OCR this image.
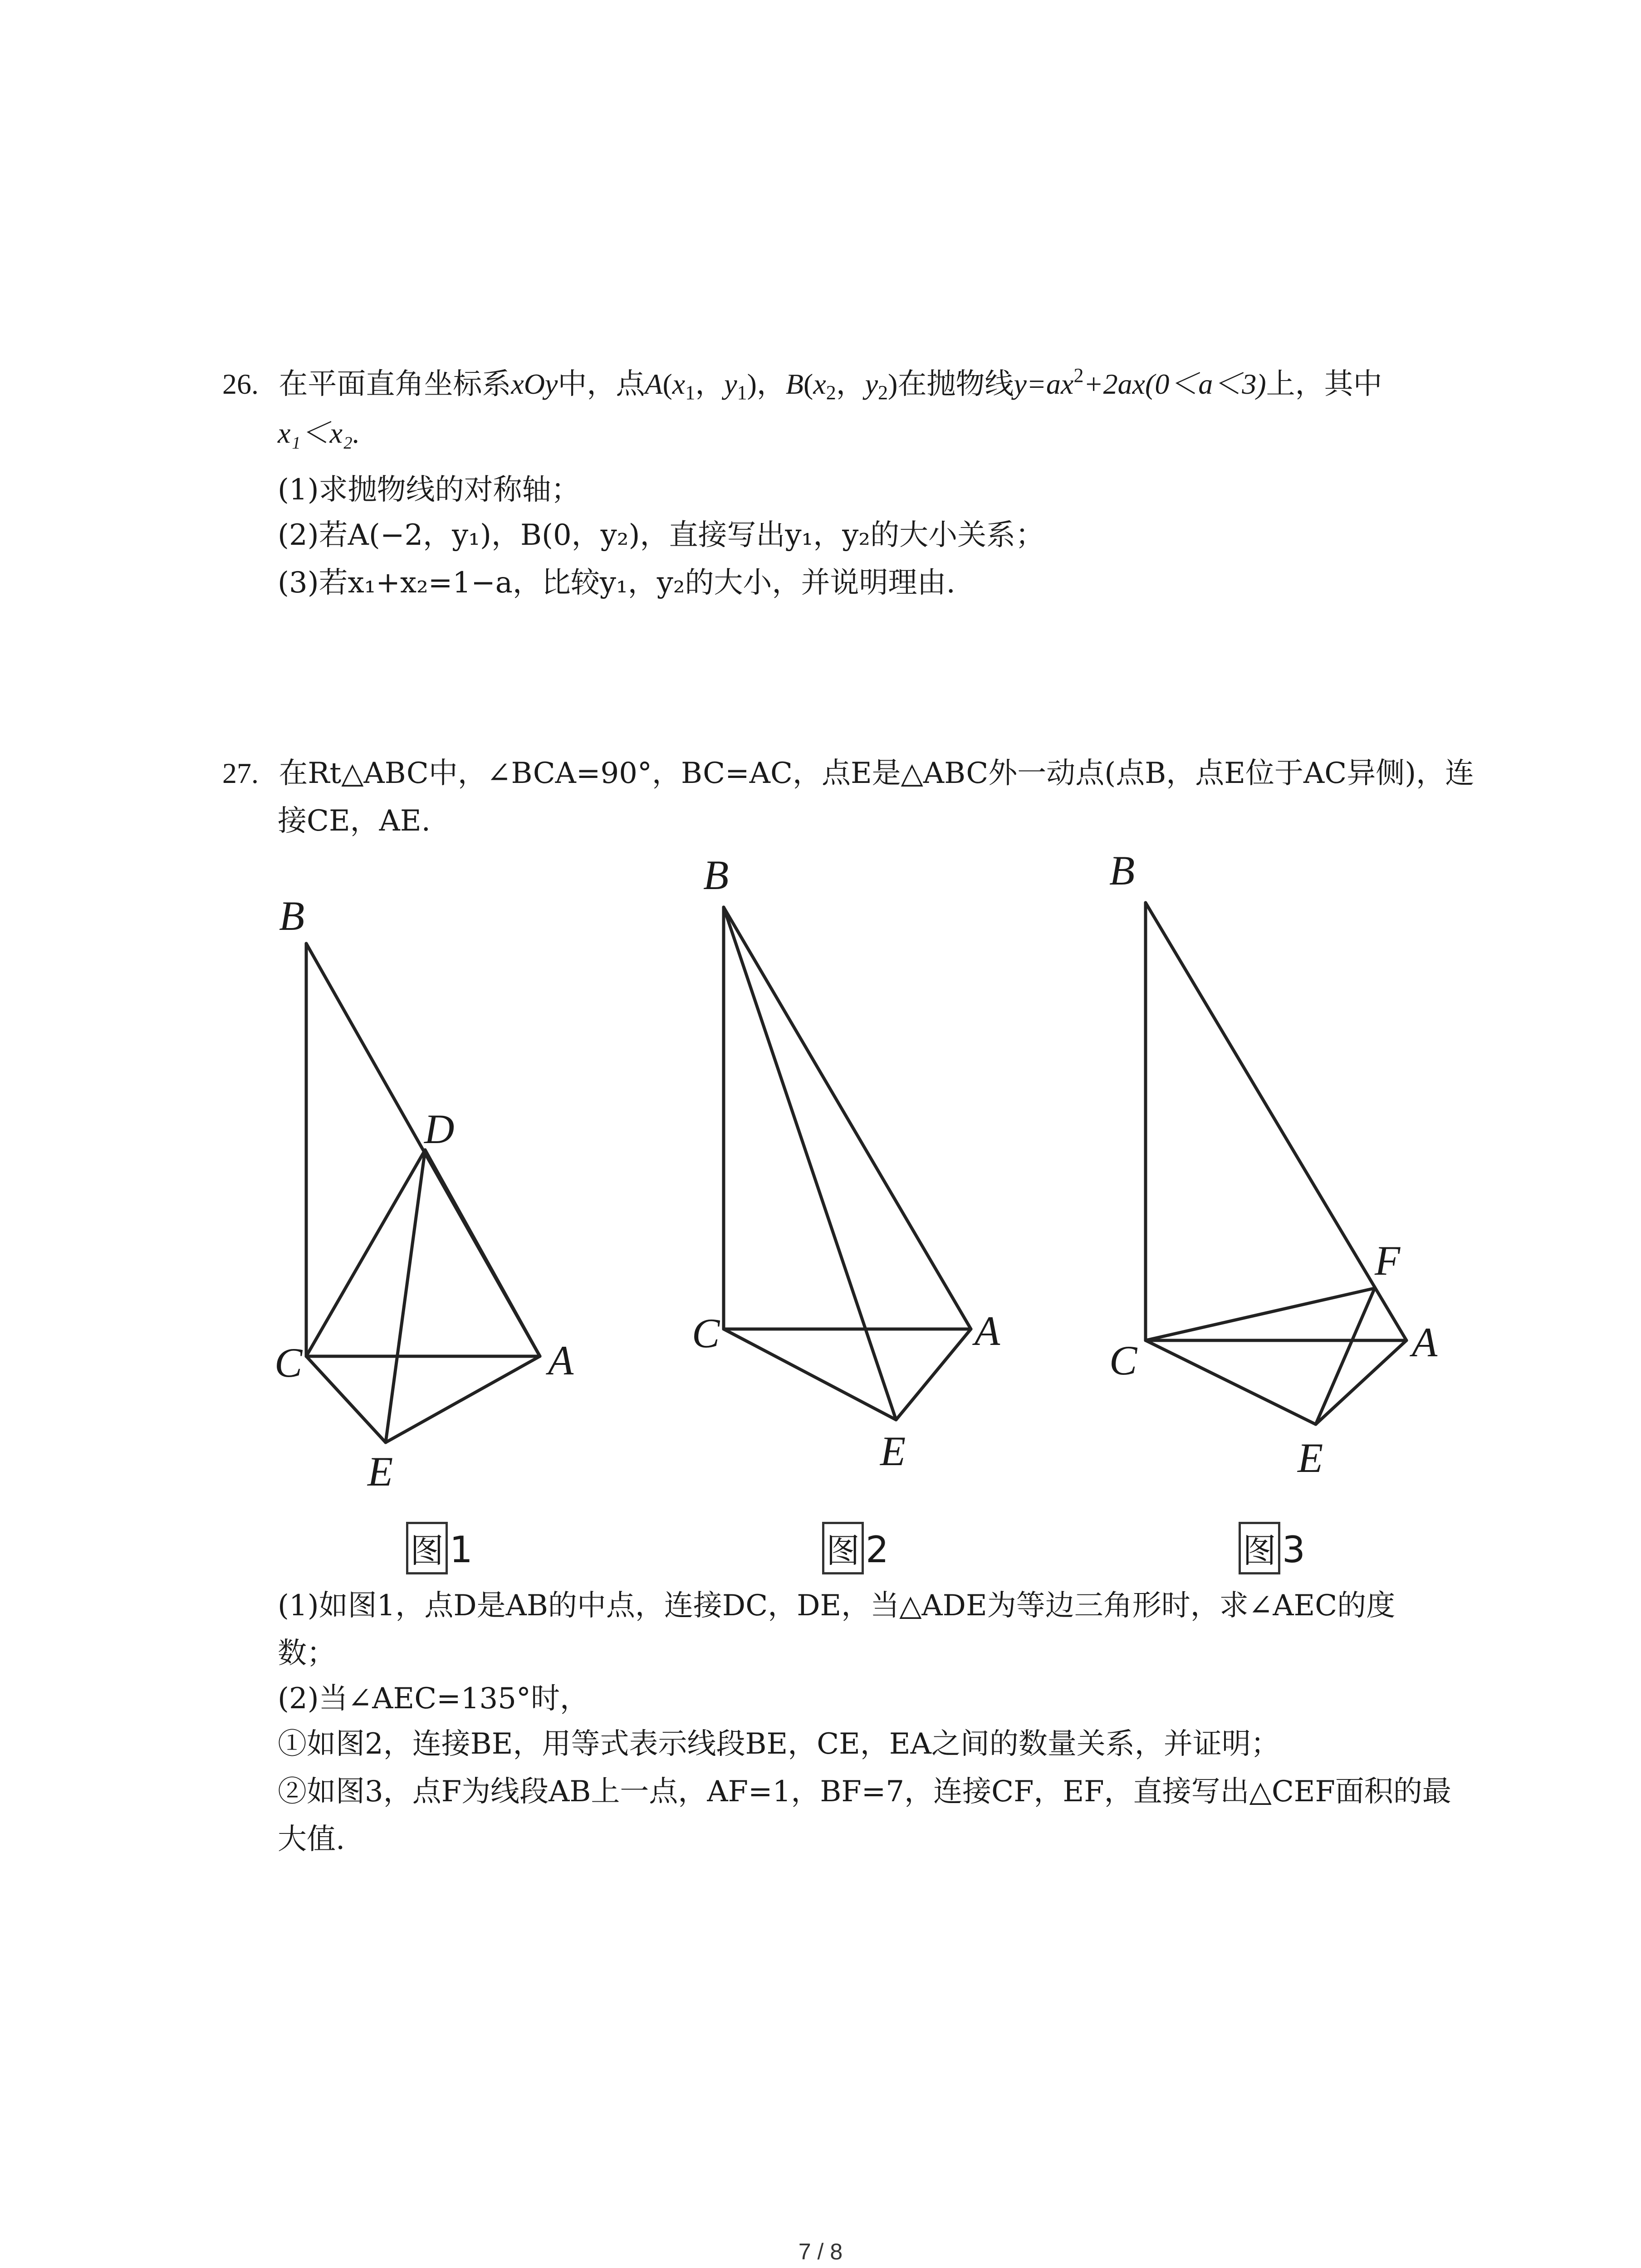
26. 在平面直角坐标系xOy中，点$A(x_1$，$y_1$)，$B(x_2$，$y_2$)在抛物线$y=ax^2+2ax(0<a<3)$上，其中
x₁＜x₂.
(1)求抛物线的对称轴；
(2)若A(−2，y₁)，B(0，y₂)，直接写出y₁，y₂的大小关系；
(3)若x₁+x₂=1−a，比较y₁，y₂的大小，并说明理由.
27. 在Rt△ABC中，∠BCA=90°，BC=AC，点E是△ABC外一动点(点B，点E位于AC异侧)，连
接CE，AE.
B
D
C	A
E
图 1
B
C	A
E
图 2
B
F
C	A
E
图 3
(1)如图1，点D是AB的中点，连接DC，DE，当△ADE为等边三角形时，求∠AEC的度
数；
(2)当∠AEC=135°时，
①如图2，连接BE，用等式表示线段BE，CE，EA之间的数量关系，并证明；
②如图3，点F为线段AB上一点，AF=1，BF=7，连接CF，EF，直接写出△CEF面积的最
大值.
7 / 8
